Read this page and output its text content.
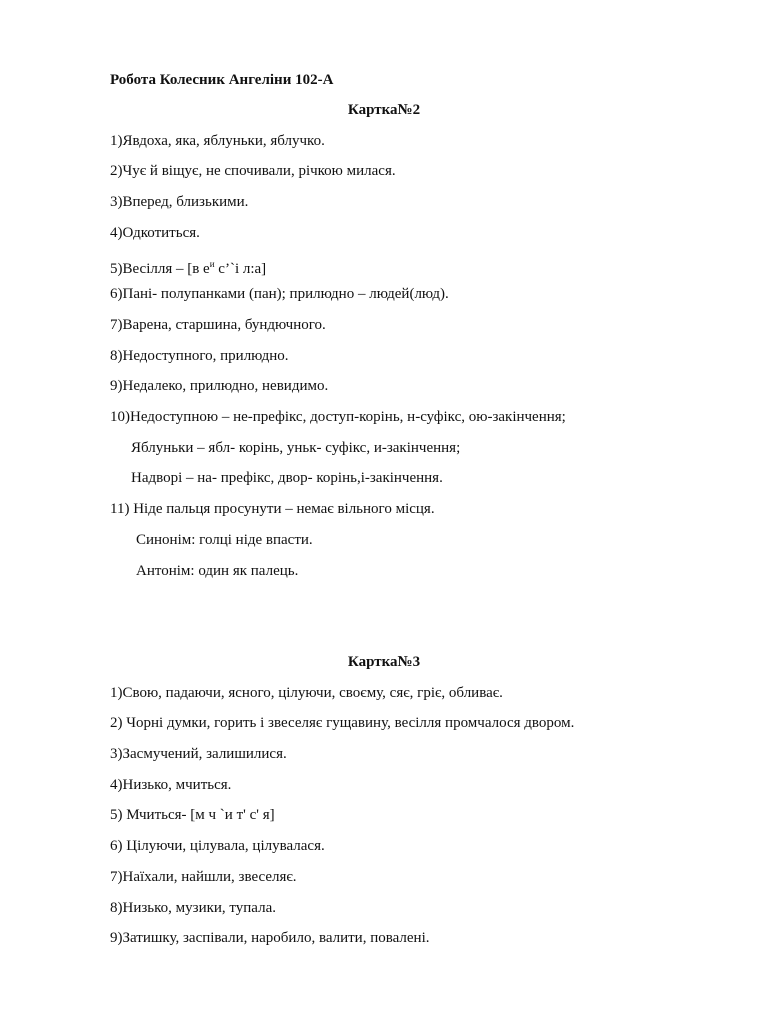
Робота Колесник Ангеліни 102-А
Картка№2
1)Явдоха, яка, яблуньки, яблучко.
2)Чує й віщує, не спочивали, річкою милася.
3)Вперед, близькими.
4)Одкотиться.
5)Весілля – [в $е^и$ с’`і л:а]
6)Пані- полупанками (пан); прилюдно – людей(люд).
7)Варена, старшина, бундючного.
8)Недоступного, прилюдно.
9)Недалеко, прилюдно, невидимо.
10)Недоступною – не-префікс, доступ-корінь, н-суфікс, ою-закінчення;
Яблуньки – ябл- корінь, уньк- суфікс, и-закінчення;
Надворі – на- префікс, двор- корінь,і-закінчення.
11) Ніде пальця просунути – немає вільного місця.
Синонім: голці ніде впасти.
Антонім: один як палець.
Картка№3
1)Свою, падаючи, ясного, цілуючи, своєму, сяє, гріє, обливає.
2) Чорні думки, горить і звеселяє гущавину, весілля промчалося двором.
3)Засмучений, залишилися.
4)Низько, мчиться.
5) Мчиться- [м ч `и т' с' я]
6) Цілуючи, цілувала, цілувалася.
7)Наїхали, найшли, звеселяє.
8)Низько, музики, тупала.
9)Затишку, заспівали, наробило, валити, повалені.
